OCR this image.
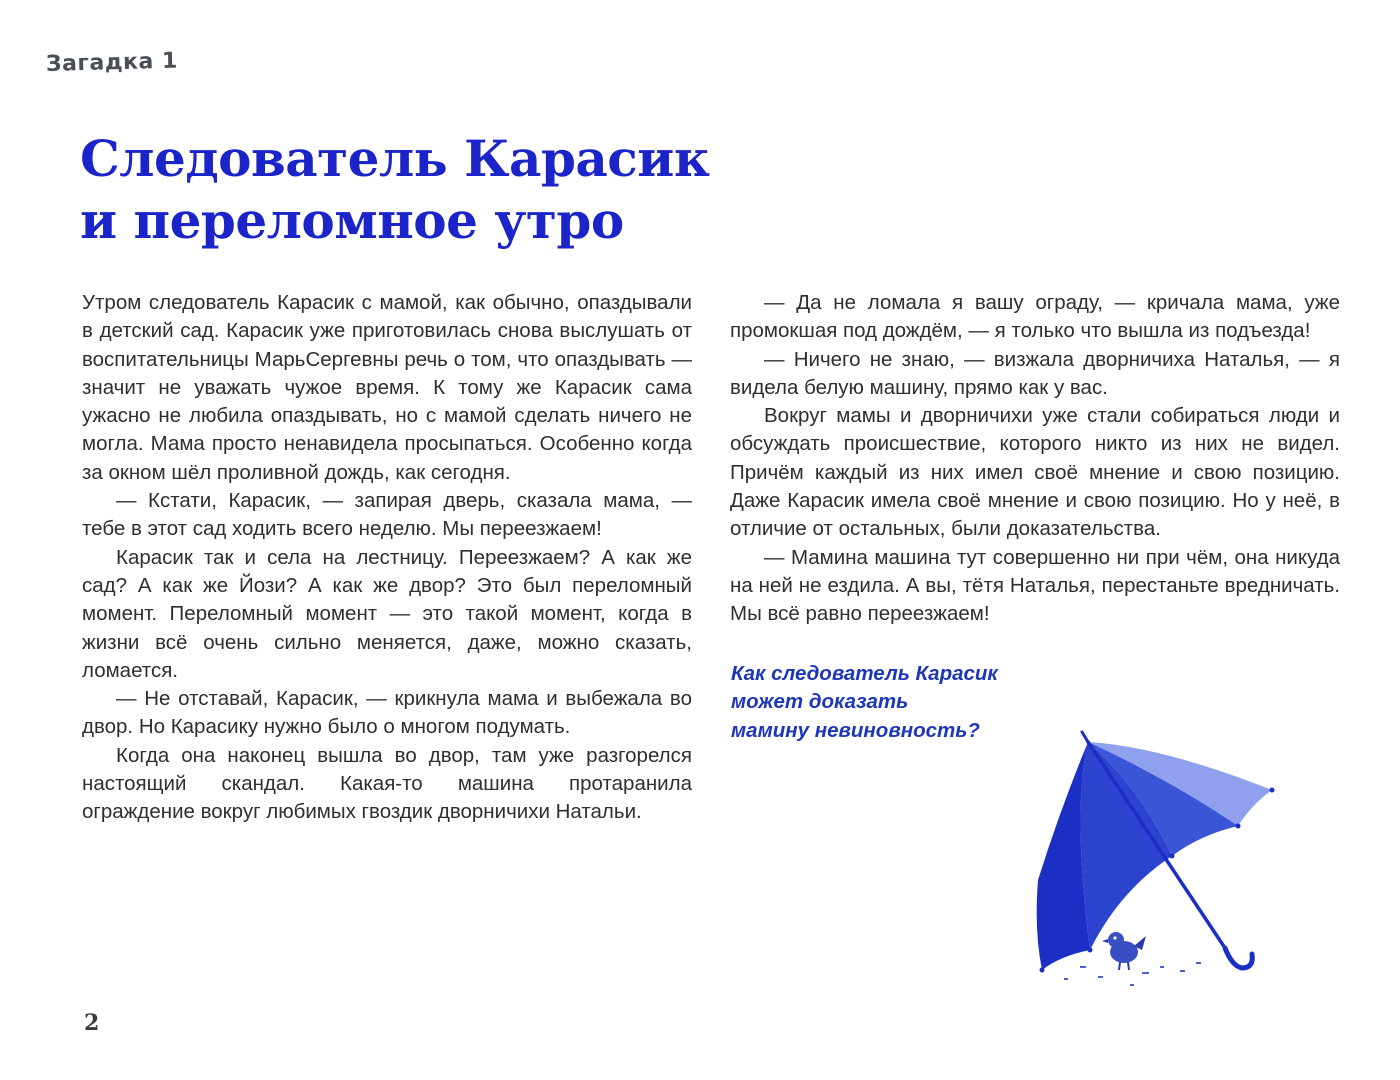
Загадка 1
Следователь Карасик
и переломное утро

Утром следователь Карасик с мамой, как обычно, опаздывали в детский сад. Карасик уже приготовилась снова выслушать от воспитательницы МарьСергевны речь о том, что опаздывать — значит не уважать чужое время. К тому же Карасик сама ужасно не любила опаздывать, но с мамой сделать ничего не могла. Мама просто ненавидела просыпаться. Особенно когда за окном шёл проливной дождь, как сегодня.

— Кстати, Карасик, — запирая дверь, сказала мама, — тебе в этот сад ходить всего неделю. Мы переезжаем!

Карасик так и села на лестницу. Переезжаем? А как же сад? А как же Йози? А как же двор? Это был переломный момент. Переломный момент — это такой момент, когда в жизни всё очень сильно меняется, даже, можно сказать, ломается.

— Не отставай, Карасик, — крикнула мама и выбежала во двор. Но Карасику нужно было о многом подумать.

Когда она наконец вышла во двор, там уже разгорелся настоящий скандал. Какая-то машина протаранила ограждение вокруг любимых гвоздик дворничихи Натальи.

— Да не ломала я вашу ограду, — кричала мама, уже промокшая под дождём, — я только что вышла из подъезда!

— Ничего не знаю, — визжала дворничиха Наталья, — я видела белую машину, прямо как у вас.

Вокруг мамы и дворничихи уже стали собираться люди и обсуждать происшествие, которого никто из них не видел. Причём каждый из них имел своё мнение и свою позицию. Даже Карасик имела своё мнение и свою позицию. Но у неё, в отличие от остальных, были доказательства.

— Мамина машина тут совершенно ни при чём, она никуда на ней не ездила. А вы, тётя Наталья, перестаньте вредничать. Мы всё равно переезжаем!

Как следователь Карасик
может доказать
мамину невиновность?
2
